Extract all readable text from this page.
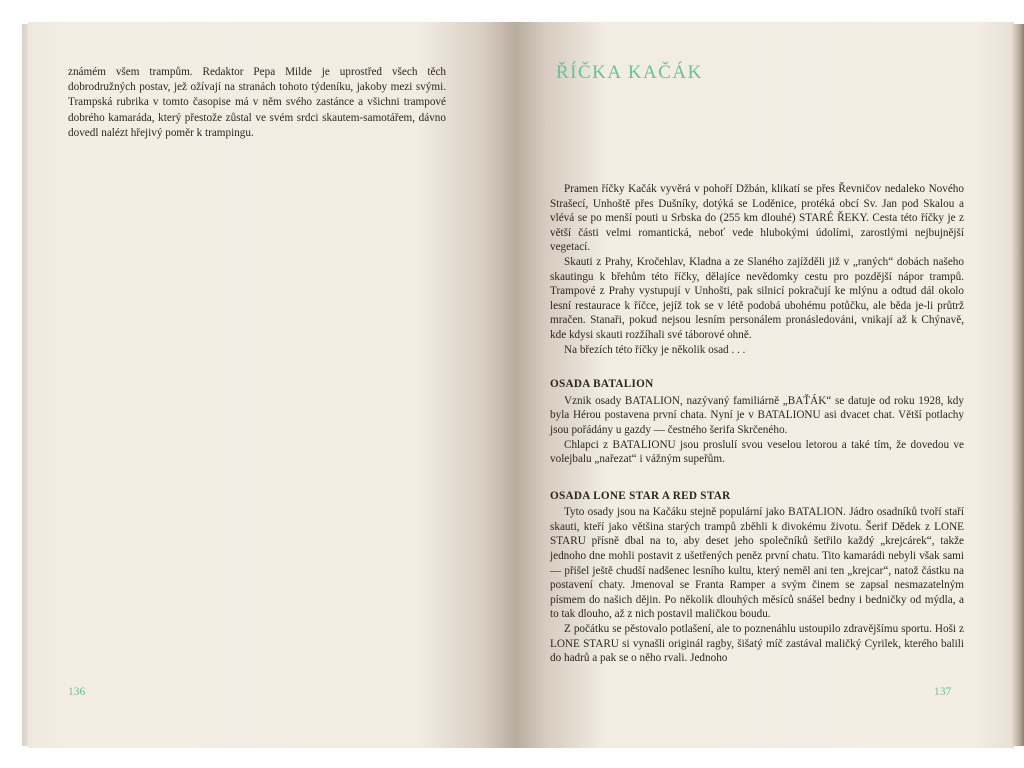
známém všem trampům. Redaktor Pepa Milde je uprostřed všech těch dobrodružných postav, jež ožívají na stranách tohoto týdeníku, jakoby mezi svými. Trampská rubrika v tomto časopise má v něm svého zastánce a všichni trampové dobrého kamaráda, který přestože zůstal ve svém srdci skautem-samotářem, dávno dovedl nalézt hřejivý poměr k trampingu.

136
ŘÍČKA KAČÁK

Pramen říčky Kačák vyvěrá v pohoří Džbán, klikatí se přes Řevničov nedaleko Nového Strašecí, Unhoště přes Dušníky, dotýká se Loděnice, protéká obcí Sv. Jan pod Skalou a vlévá se po menší pouti u Srbska do (255 km dlouhé) STARÉ ŘEKY. Cesta této říčky je z větší části velmi romantická, neboť vede hlubokými údolími, zarostlými nejbujnější vegetací.

Skauti z Prahy, Kročehlav, Kladna a ze Slaného zajížděli již v „raných“ dobách našeho skautingu k břehům této říčky, dělajíce nevědomky cestu pro pozdější nápor trampů. Trampové z Prahy vystupují v Unhošti, pak silnicí pokračují ke mlýnu a odtud dál okolo lesní restaurace k říčce, jejíž tok se v létě podobá ubohému potůčku, ale běda je-li průtrž mračen. Stanaři, pokud nejsou lesním personálem pronásledováni, vnikají až k Chýnavě, kde kdysi skauti rozžíhali své táborové ohně.

Na březích této říčky je několik osad . . .

OSADA BATALION

Vznik osady BATALION, nazývaný familiárně „BAŤÁK“ se datuje od roku 1928, kdy byla Hérou postavena první chata. Nyní je v BATALIONU asi dvacet chat. Větší potlachy jsou pořádány u gazdy — čestného šerifa Skrčeného.

Chlapci z BATALIONU jsou proslulí svou veselou letorou a také tím, že dovedou ve volejbalu „nařezat“ i vážným supeřům.

OSADA LONE STAR A RED STAR

Tyto osady jsou na Kačáku stejně populární jako BATALION. Jádro osadníků tvoří staří skauti, kteří jako většina starých trampů zběhli k divokému životu. Šerif Dědek z LONE STARU přísně dbal na to, aby deset jeho společníků šetřilo každý „krejcárek“, takže jednoho dne mohli postavit z ušetřených peněz první chatu. Tito kamarádi nebyli však sami — přišel ještě chudší nadšenec lesního kultu, který neměl ani ten „krejcar“, natož částku na postavení chaty. Jmenoval se Franta Ramper a svým činem se zapsal nesmazatelným písmem do našich dějin. Po několik dlouhých měsíců snášel bedny i bedničky od mýdla, a to tak dlouho, až z nich postavil maličkou boudu.

Z počátku se pěstovalo potlašení, ale to poznenáhlu ustoupilo zdravějšímu sportu. Hoši z LONE STARU si vynašli originál ragby, šišatý míč zastával maličký Cyrilek, kterého balili do hadrů a pak se o něho rvali. Jednoho

137
